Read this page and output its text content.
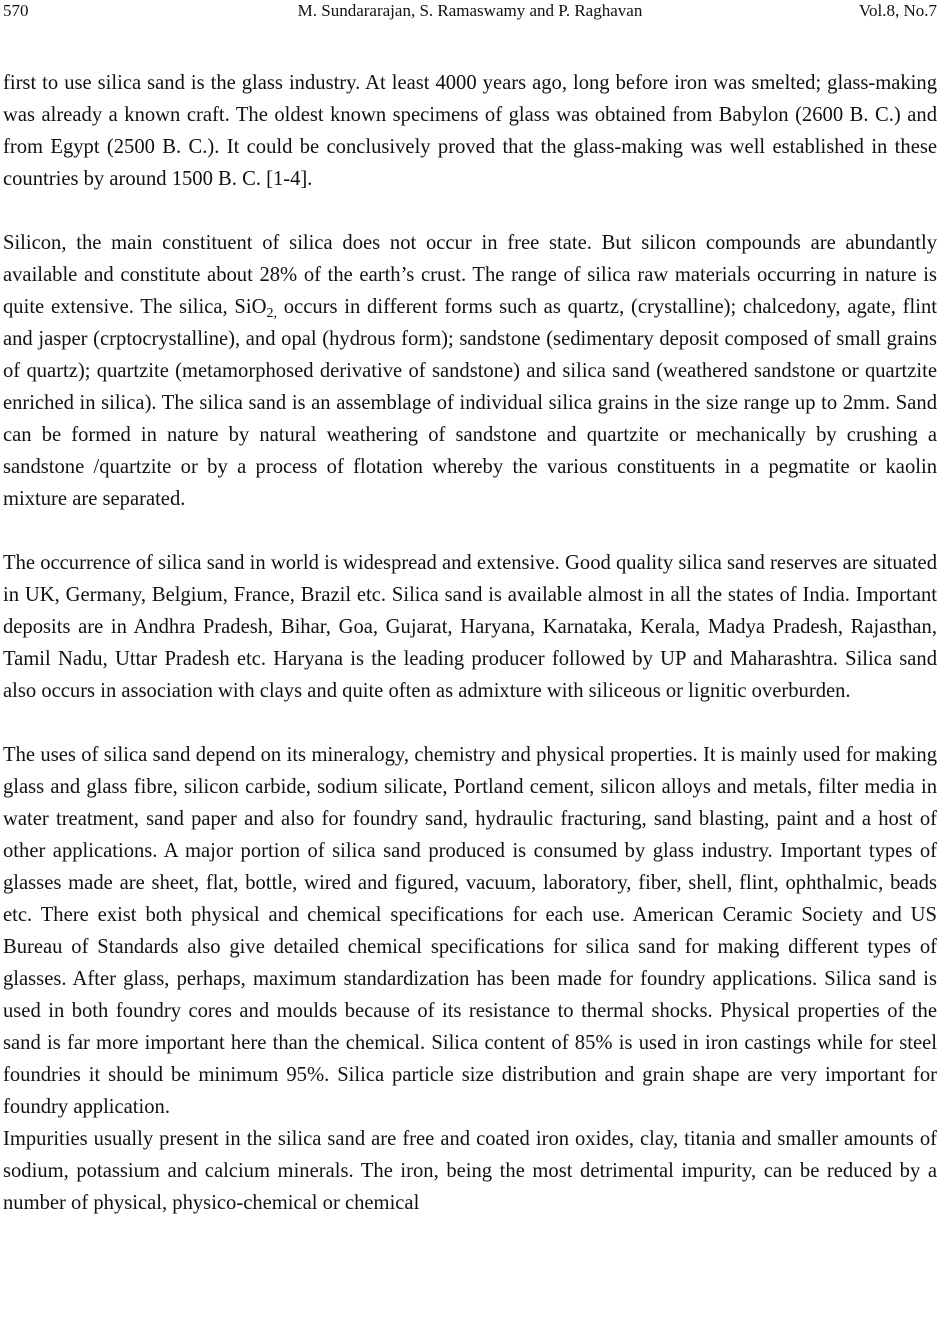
570	M. Sundararajan, S. Ramaswamy and P. Raghavan	Vol.8, No.7

first to use silica sand is the glass industry. At least 4000 years ago, long before iron was smelted; glass-making was already a known craft. The oldest known specimens of glass was obtained from Babylon (2600 B. C.) and from Egypt (2500 B. C.). It could be conclusively proved that the glass-making was well established in these countries by around 1500 B. C. [1-4].

Silicon, the main constituent of silica does not occur in free state. But silicon compounds are abundantly available and constitute about 28% of the earth’s crust. The range of silica raw materials occurring in nature is quite extensive. The silica, SiO$_{2,}$ occurs in different forms such as quartz, (crystalline); chalcedony, agate, flint and jasper (crptocrystalline), and opal (hydrous form); sandstone (sedimentary deposit composed of small grains of quartz); quartzite (metamorphosed derivative of sandstone) and silica sand (weathered sandstone or quartzite enriched in silica). The silica sand is an assemblage of individual silica grains in the size range up to 2mm. Sand can be formed in nature by natural weathering of sandstone and quartzite or mechanically by crushing a sandstone /quartzite or by a process of flotation whereby the various constituents in a pegmatite or kaolin mixture are separated.

The occurrence of silica sand in world is widespread and extensive. Good quality silica sand reserves are situated in UK, Germany, Belgium, France, Brazil etc. Silica sand is available almost in all the states of India. Important deposits are in Andhra Pradesh, Bihar, Goa, Gujarat, Haryana, Karnataka, Kerala, Madya Pradesh, Rajasthan, Tamil Nadu, Uttar Pradesh etc. Haryana is the leading producer followed by UP and Maharashtra. Silica sand also occurs in association with clays and quite often as admixture with siliceous or lignitic overburden.

The uses of silica sand depend on its mineralogy, chemistry and physical properties. It is mainly used for making glass and glass fibre, silicon carbide, sodium silicate, Portland cement, silicon alloys and metals, filter media in water treatment, sand paper and also for foundry sand, hydraulic fracturing, sand blasting, paint and a host of other applications. A major portion of silica sand produced is consumed by glass industry. Important types of glasses made are sheet, flat, bottle, wired and figured, vacuum, laboratory, fiber, shell, flint, ophthalmic, beads etc. There exist both physical and chemical specifications for each use. American Ceramic Society and US Bureau of Standards also give detailed chemical specifications for silica sand for making different types of glasses. After glass, perhaps, maximum standardization has been made for foundry applications. Silica sand is used in both foundry cores and moulds because of its resistance to thermal shocks. Physical properties of the sand is far more important here than the chemical. Silica content of 85% is used in iron castings while for steel foundries it should be minimum 95%. Silica particle size distribution and grain shape are very important for foundry application.

Impurities usually present in the silica sand are free and coated iron oxides, clay, titania and smaller amounts of sodium, potassium and calcium minerals. The iron, being the most detrimental impurity, can be reduced by a number of physical, physico-chemical or chemical
